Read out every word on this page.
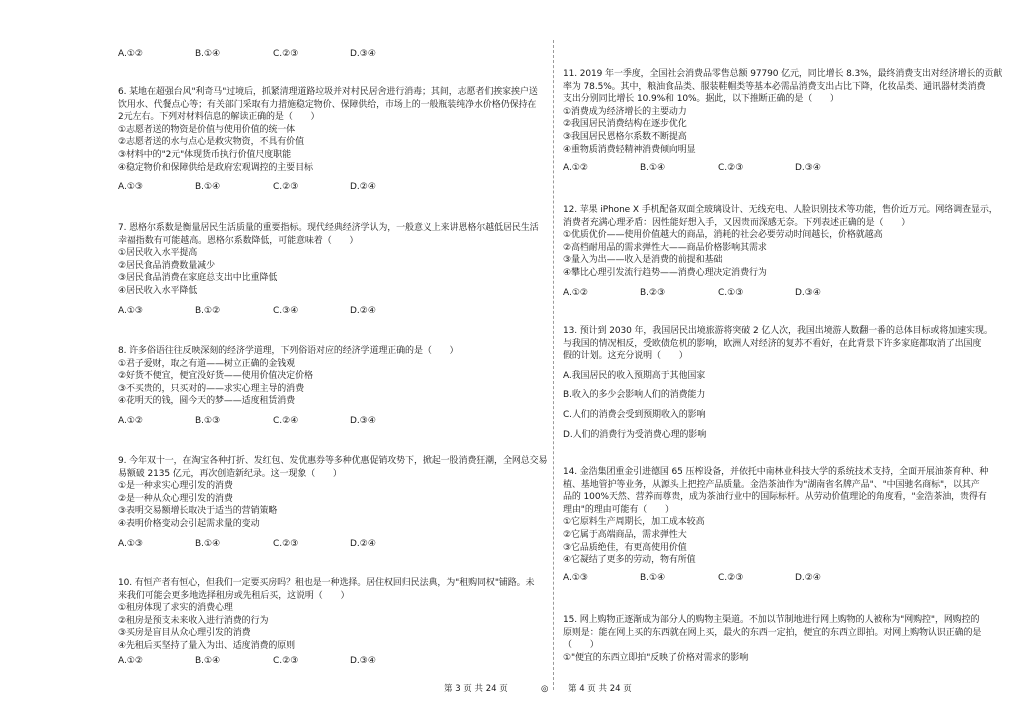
A.①②	B.①④	C.②③	D.③④
6. 某地在超强台风"利奇马"过境后，抓紧清理道路垃圾并对村民居舍进行消毒；其间，志愿者们挨家挨户送
饮用水、代餐点心等；有关部门采取有力措施稳定物价、保障供给，市场上的一般瓶装纯净水价格仍保持在
2元左右。下列对材料信息的解读正确的是（　　）
①志愿者送的物资是价值与使用价值的统一体
②志愿者送的水与点心是救灾物资，不具有价值
③材料中的"2元"体现货币执行价值尺度职能
④稳定物价和保障供给是政府宏观调控的主要目标
A.①③	B.①④	C.②③	D.②④
7. 恩格尔系数是衡量居民生活质量的重要指标。现代经典经济学认为，一般意义上来讲恩格尔越低居民生活
幸福指数有可能越高。恩格尔系数降低，可能意味着（　　）
①居民收入水平提高
②居民食品消费数量减少
③居民食品消费在家庭总支出中比重降低
④居民收入水平降低
A.①③	B.①②	C.③④	D.②④
8. 许多俗语往往反映深刻的经济学道理，下列俗语对应的经济学道理正确的是（　　）
①君子爱财，取之有道——树立正确的金钱观
②好货不便宜，便宜没好货——使用价值决定价格
③不买贵的，只买对的——求实心理主导的消费
④花明天的钱，圆今天的梦——适度租赁消费
A.①②	B.①③	C.②④	D.③④
9. 今年双十一，在淘宝各种打折、发红包、发优惠券等多种优惠促销攻势下，掀起一股消费狂潮，全网总交易
易额破 2135 亿元，再次创造新纪录。这一现象（　　）
①是一种求实心理引发的消费
②是一种从众心理引发的消费
③表明交易额增长取决于适当的营销策略
④表明价格变动会引起需求量的变动
A.①③	B.①④	C.②③	D.②④
10. 有恒产者有恒心，但我们一定要买房吗？租也是一种选择。居住权回归民法典，为"租购同权"铺路。未
来我们可能会更多地选择租房或先租后买，这说明（　　）
①租房体现了求实的消费心理
②租房是预支未来收入进行消费的行为
③买房是盲目从众心理引发的消费
④先租后买坚持了量入为出、适度消费的原则
A.①②	B.①④	C.②③	D.③④
11. 2019 年一季度，全国社会消费品零售总额 97790 亿元，同比增长 8.3%，最终消费支出对经济增长的贡献
率为 78.5%。其中，粮油食品类、服装鞋帽类等基本必需品消费支出占比下降，化妆品类、通讯器材类消费
支出分别同比增长 10.9%和 10%。据此，以下推断正确的是（　　）
①消费成为经济增长的主要动力
②我国居民消费结构在逐步优化
③我国居民恩格尔系数不断提高
④重物质消费轻精神消费倾向明显
A.①②	B.①④	C.②③	D.③④
12. 苹果 iPhone X 手机配备双面全玻璃设计、无线充电、人脸识别技术等功能，售价近万元。网络调查显示，
消费者充满心理矛盾：因性能好想入手，又因贵而深感无奈。下列表述正确的是（　　）
①优质优价——使用价值越大的商品，消耗的社会必要劳动时间越长，价格就越高
②高档耐用品的需求弹性大——商品价格影响其需求
③量入为出——收入是消费的前提和基础
④攀比心理引发流行趋势——消费心理决定消费行为
A.①②	B.②③	C.①③	D.③④
13. 预计到 2030 年，我国居民出境旅游将突破 2 亿人次，我国出境游人数翻一番的总体目标或将加速实现。
与我国的情况相反，受欧债危机的影响，欧洲人对经济的复苏不看好，在此背景下许多家庭都取消了出国度
假的计划。这充分说明（　　）
A.我国居民的收入预期高于其他国家
B.收入的多少会影响人们的消费能力
C.人们的消费会受到预期收入的影响
D.人们的消费行为受消费心理的影响
14. 金浩集团重金引进德国 65 压榨设备，并依托中南林业科技大学的系统技术支持，全面开展油茶育种、种
植、基地管护等业务，从源头上把控产品质量。金浩茶油作为"湖南省名牌产品"、"中国驰名商标"，以其产
品的 100%天然、营养而尊贵，成为茶油行业中的国际标杆。从劳动价值理论的角度看，"金浩茶油，贵得有
理由"的理由可能有（　　）
①它原料生产周期长，加工成本较高
②它属于高端商品，需求弹性大
③它品质绝佳，有更高使用价值
④它凝结了更多的劳动，物有所值
A.①③	B.①④	C.②③	D.②④
15. 网上购物正逐渐成为部分人的购物主渠道。不加以节制地进行网上购物的人被称为"网购控"，网购控的
原则是：能在网上买的东西就在网上买，最火的东西一定拍，便宜的东西立即拍。对网上购物认识正确的是
（　　）
①"便宜的东西立即拍"反映了价格对需求的影响
第 3 页 共 24 页	◎ 第 4 页 共 24 页
